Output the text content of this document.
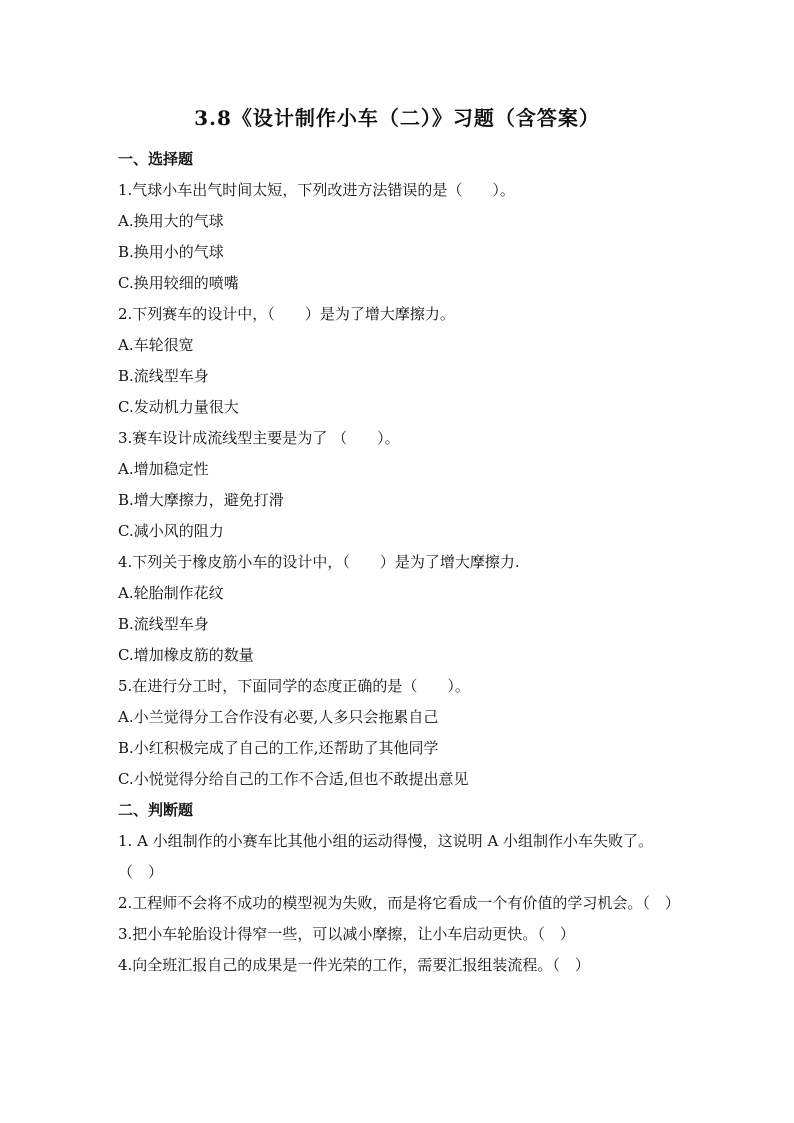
3.8《设计制作小车（二）》习题（含答案）
一、选择题
1.气球小车出气时间太短，下列改进方法错误的是（　　）。
A.换用大的气球
B.换用小的气球
C.换用较细的喷嘴
2.下列赛车的设计中，（　　）是为了增大摩擦力。
A.车轮很宽
B.流线型车身
C.发动机力量很大
3.赛车设计成流线型主要是为了 （　　）。
A.增加稳定性
B.增大摩擦力，避免打滑
C.减小风的阻力
4.下列关于橡皮筋小车的设计中，（　　）是为了增大摩擦力.
A.轮胎制作花纹
B.流线型车身
C.增加橡皮筋的数量
5.在进行分工时，下面同学的态度正确的是（　　）。
A.小兰觉得分工合作没有必要,人多只会拖累自己
B.小红积极完成了自己的工作,还帮助了其他同学
C.小悦觉得分给自己的工作不合适,但也不敢提出意见
二、判断题
1. A 小组制作的小赛车比其他小组的运动得慢，这说明 A 小组制作小车失败了。（　）
2.工程师不会将不成功的模型视为失败，而是将它看成一个有价值的学习机会。（　）
3.把小车轮胎设计得窄一些，可以减小摩擦，让小车启动更快。（　）
4.向全班汇报自己的成果是一件光荣的工作，需要汇报组装流程。（　）
